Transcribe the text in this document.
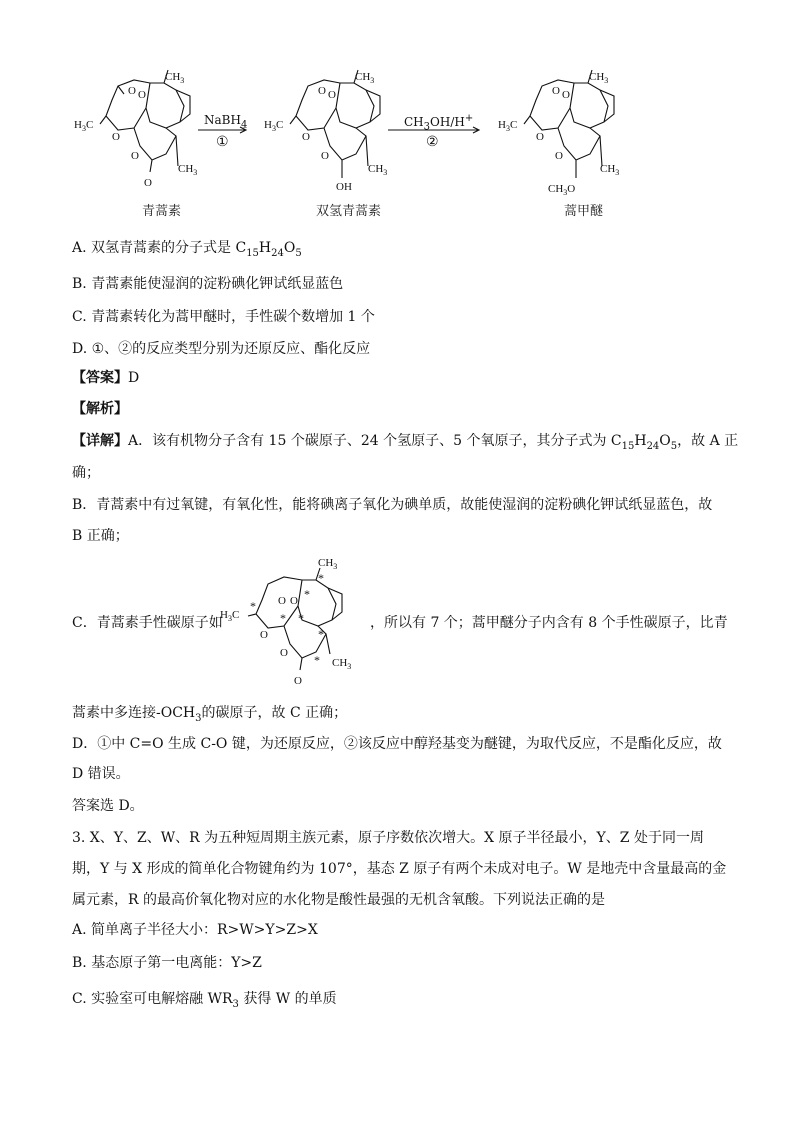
$CH_3$
$H_3C$
$CH_3$
O O
O
O
O
$CH_3$
$H_3C$
$CH_3$
O O
O
O
OH
$CH_3$
$H_3C$
$CH_3$
O O
O
O
$CH_3O$
NaBH$_4$
①
$CH_3OH/H^+$
②
青蒿素	双氢青蒿素	蒿甲醚
A. 双氢青蒿素的分子式是 $C_{15}H_{24}O_5$
B. 青蒿素能使湿润的淀粉碘化钾试纸显蓝色
C. 青蒿素转化为蒿甲醚时，手性碳个数增加 1 个
D. ①、②的反应类型分别为还原反应、酯化反应
【答案】D
【解析】
【详解】A．该有机物分子含有 15 个碳原子、24 个氢原子、5 个氧原子，其分子式为 $C_{15}H_{24}O_5$，故 A 正
确；
B．青蒿素中有过氧键，有氧化性，能将碘离子氧化为碘单质，故能使湿润的淀粉碘化钾试纸显蓝色，故
B 正确；
C．青蒿素手性碳原子如
$CH_3$
$H_3C$
$CH_3$
O O
O
O
O
*
*
*
* *
*
*
，所以有 7 个；蒿甲醚分子内含有 8 个手性碳原子，比青
蒿素中多连接$-OCH_3$的碳原子，故 C 正确；
D．①中 C=O 生成 C-O 键，为还原反应，②该反应中醇羟基变为醚键，为取代反应，不是酯化反应，故
D 错误。
答案选 D。
3. X、Y、Z、W、R 为五种短周期主族元素，原子序数依次增大。X 原子半径最小，Y、Z 处于同一周
期，Y 与 X 形成的简单化合物键角约为 107°，基态 Z 原子有两个未成对电子。W 是地壳中含量最高的金
属元素，R 的最高价氧化物对应的水化物是酸性最强的无机含氧酸。下列说法正确的是
A. 简单离子半径大小：R>W>Y>Z>X
B. 基态原子第一电离能：Y>Z
C. 实验室可电解熔融 $WR_3$ 获得 W 的单质
